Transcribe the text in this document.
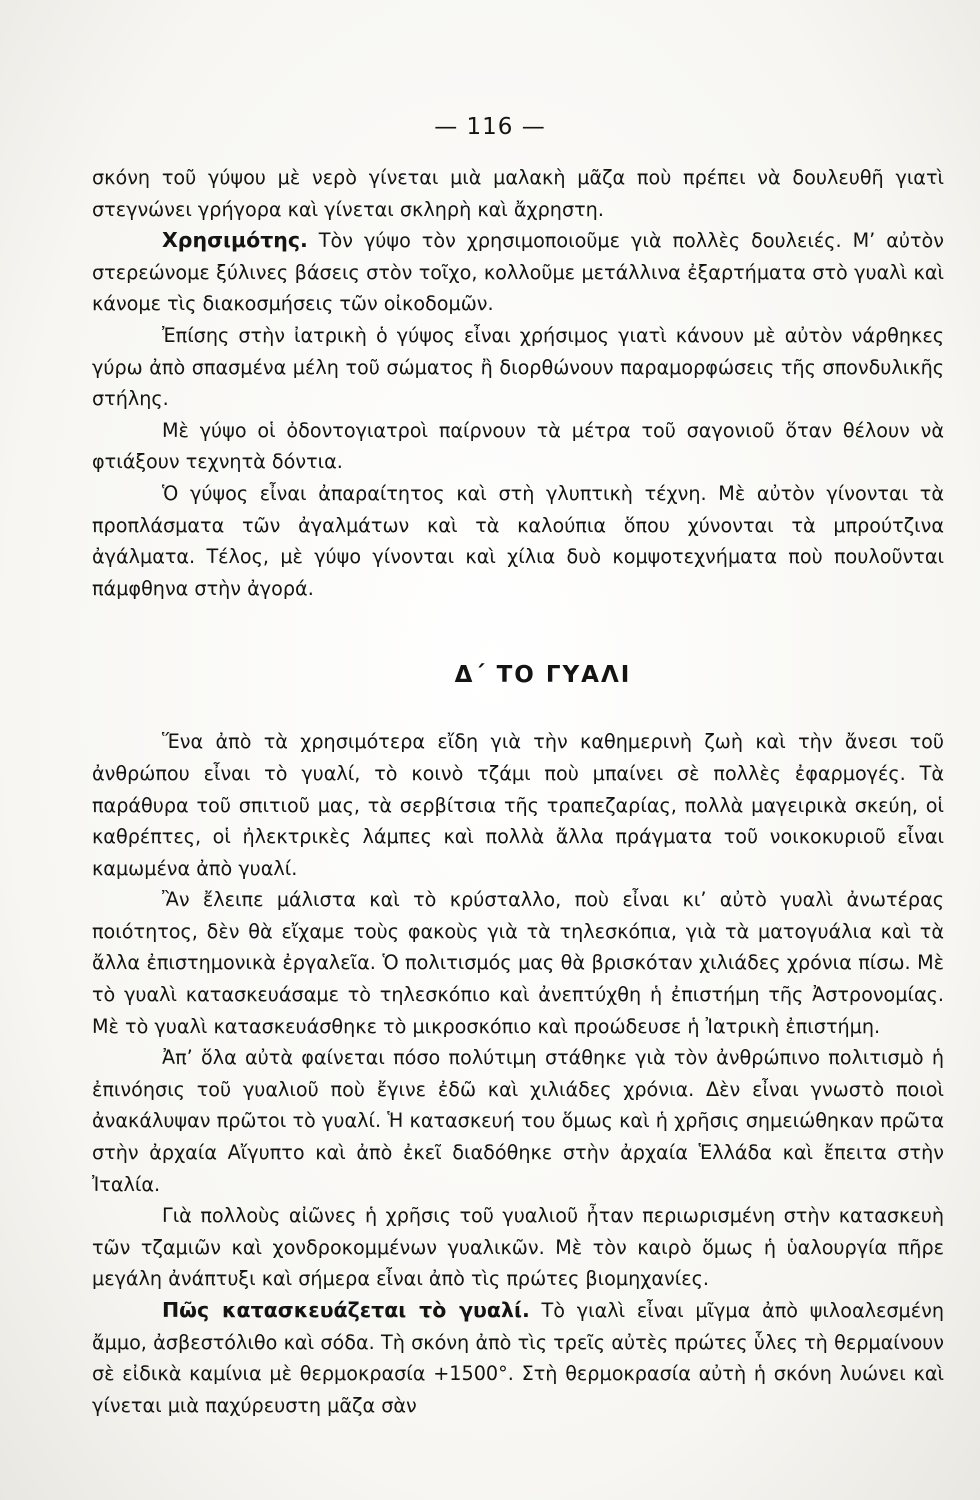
— 116 —

σκόνη τοῦ γύψου μὲ νερὸ γίνεται μιὰ μαλακὴ μᾶζα ποὺ πρέπει νὰ δουλευθῆ γιατὶ στεγνώνει γρήγορα καὶ γίνεται σκληρὴ καὶ ἄχρηστη.

Χρησιμότης. Τὸν γύψο τὸν χρησιμοποιοῦμε γιὰ πολλὲς δουλειές. Μ’ αὐτὸν στερεώνομε ξύλινες βάσεις στὸν τοῖχο, κολλοῦμε μετάλλινα ἐξαρτήματα στὸ γυαλὶ καὶ κάνομε τὶς διακοσμήσεις τῶν οἰκοδομῶν.

Ἐπίσης στὴν ἰατρικὴ ὁ γύψος εἶναι χρήσιμος γιατὶ κάνουν μὲ αὐτὸν νάρθηκες γύρω ἀπὸ σπασμένα μέλη τοῦ σώματος ἢ διορθώνουν παραμορφώσεις τῆς σπονδυλικῆς στήλης.

Μὲ γύψο οἱ ὀδοντογιατροὶ παίρνουν τὰ μέτρα τοῦ σαγονιοῦ ὅταν θέλουν νὰ φτιάξουν τεχνητὰ δόντια.

Ὁ γύψος εἶναι ἀπαραίτητος καὶ στὴ γλυπτικὴ τέχνη. Μὲ αὐτὸν γίνονται τὰ προπλάσματα τῶν ἀγαλμάτων καὶ τὰ καλούπια ὅπου χύνονται τὰ μπρούτζινα ἀγάλματα. Τέλος, μὲ γύψο γίνονται καὶ χίλια δυὸ κομψοτεχνήματα ποὺ πουλοῦνται πάμφθηνα στὴν ἀγορά.

Δ΄ ΤΟ ΓΥΑΛΙ

Ἕνα ἀπὸ τὰ χρησιμότερα εἴδη γιὰ τὴν καθημερινὴ ζωὴ καὶ τὴν ἄνεσι τοῦ ἀνθρώπου εἶναι τὸ γυαλί, τὸ κοινὸ τζάμι ποὺ μπαίνει σὲ πολλὲς ἐφαρμογές. Τὰ παράθυρα τοῦ σπιτιοῦ μας, τὰ σερβίτσια τῆς τραπεζαρίας, πολλὰ μαγειρικὰ σκεύη, οἱ καθρέπτες, οἱ ἠλεκτρικὲς λάμπες καὶ πολλὰ ἄλλα πράγματα τοῦ νοικοκυριοῦ εἶναι καμωμένα ἀπὸ γυαλί.

Ἂν ἔλειπε μάλιστα καὶ τὸ κρύσταλλο, ποὺ εἶναι κι’ αὐτὸ γυαλὶ ἀνωτέρας ποιότητος, δὲν θὰ εἴχαμε τοὺς φακοὺς γιὰ τὰ τηλεσκόπια, γιὰ τὰ ματογυάλια καὶ τὰ ἄλλα ἐπιστημονικὰ ἐργαλεῖα. Ὁ πολιτισμός μας θὰ βρισκόταν χιλιάδες χρόνια πίσω. Μὲ τὸ γυαλὶ κατασκευάσαμε τὸ τηλεσκόπιο καὶ ἀνεπτύχθη ἡ ἐπιστήμη τῆς Ἀστρονομίας. Μὲ τὸ γυαλὶ κατασκευάσθηκε τὸ μικροσκόπιο καὶ προώδευσε ἡ Ἰατρικὴ ἐπιστήμη.

Ἀπ’ ὅλα αὐτὰ φαίνεται πόσο πολύτιμη στάθηκε γιὰ τὸν ἀνθρώπινο πολιτισμὸ ἡ ἐπινόησις τοῦ γυαλιοῦ ποὺ ἔγινε ἐδῶ καὶ χιλιάδες χρόνια. Δὲν εἶναι γνωστὸ ποιοὶ ἀνακάλυψαν πρῶτοι τὸ γυαλί. Ἡ κατασκευή του ὅμως καὶ ἡ χρῆσις σημειώθηκαν πρῶτα στὴν ἀρχαία Αἴγυπτο καὶ ἀπὸ ἐκεῖ διαδόθηκε στὴν ἀρχαία Ἑλλάδα καὶ ἔπειτα στὴν Ἰταλία.

Γιὰ πολλοὺς αἰῶνες ἡ χρῆσις τοῦ γυαλιοῦ ἦταν περιωρισμένη στὴν κατασκευὴ τῶν τζαμιῶν καὶ χονδροκομμένων γυαλικῶν. Μὲ τὸν καιρὸ ὅμως ἡ ὑαλουργία πῆρε μεγάλη ἀνάπτυξι καὶ σήμερα εἶναι ἀπὸ τὶς πρώτες βιομηχανίες.

Πῶς κατασκευάζεται τὸ γυαλί. Τὸ γιαλὶ εἶναι μῖγμα ἀπὸ ψιλοαλεσμένη ἄμμο, ἀσβεστόλιθο καὶ σόδα. Τὴ σκόνη ἀπὸ τὶς τρεῖς αὐτὲς πρώτες ὗλες τὴ θερμαίνουν σὲ εἰδικὰ καμίνια μὲ θερμοκρασία +1500°. Στὴ θερμοκρασία αὐτὴ ἡ σκόνη λυώνει καὶ γίνεται μιὰ παχύρευστη μᾶζα σὰν
